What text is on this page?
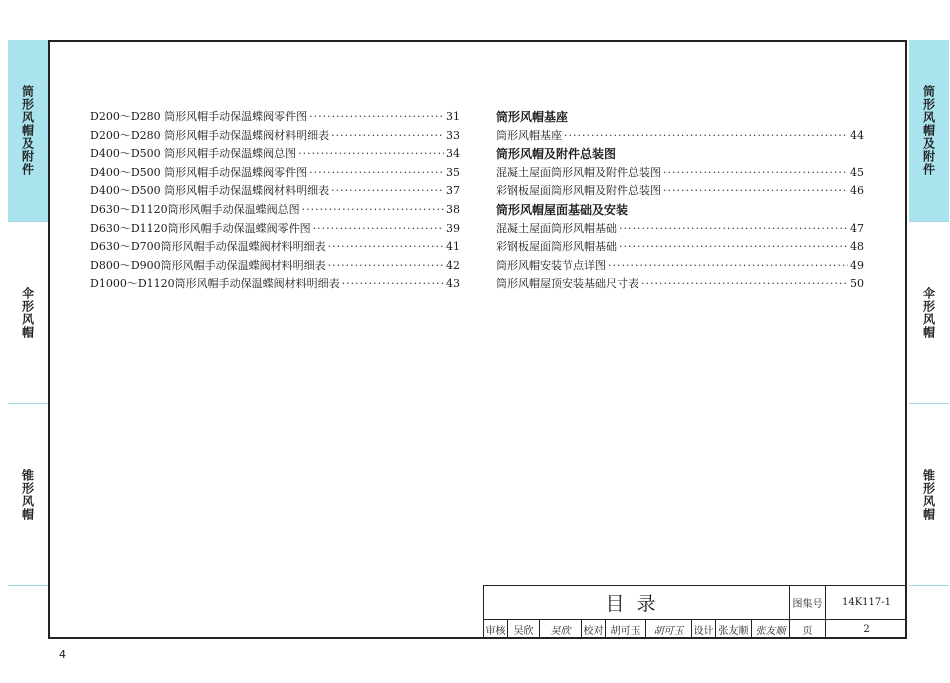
筒形风帽及附件
伞形风帽
锥形风帽
筒形风帽及附件
伞形风帽
锥形风帽
D200～D280 筒形风帽手动保温蝶阀零件图 ·····	31
D200～D280 筒形风帽手动保温蝶阀材料明细表 ·····	33
D400～D500 筒形风帽手动保温蝶阀总图 ·····	34
D400～D500 筒形风帽手动保温蝶阀零件图 ·····	35
D400～D500 筒形风帽手动保温蝶阀材料明细表 ·····	37
D630～D1120筒形风帽手动保温蝶阀总图 ·····	38
D630～D1120筒形风帽手动保温蝶阀零件图 ·····	39
D630～D700筒形风帽手动保温蝶阀材料明细表 ·····	41
D800～D900筒形风帽手动保温蝶阀材料明细表 ·····	42
D1000～D1120筒形风帽手动保温蝶阀材料明细表 ·····	43
筒形风帽基座
筒形风帽基座 ·····	44
筒形风帽及附件总装图
混凝土屋面筒形风帽及附件总装图 ·····	45
彩钢板屋面筒形风帽及附件总装图 ·····	46
筒形风帽屋面基础及安装
混凝土屋面筒形风帽基础 ·····	47
彩钢板屋面筒形风帽基础 ·····	48
筒形风帽安装节点详图 ·····	49
筒形风帽屋顶安装基础尺寸表 ·····	50
目录	图集号	14K117-1
审核 吴欣	吴欣	校对 胡可玉	胡可玉	设计 张友顺 张友顺	页	2
4
